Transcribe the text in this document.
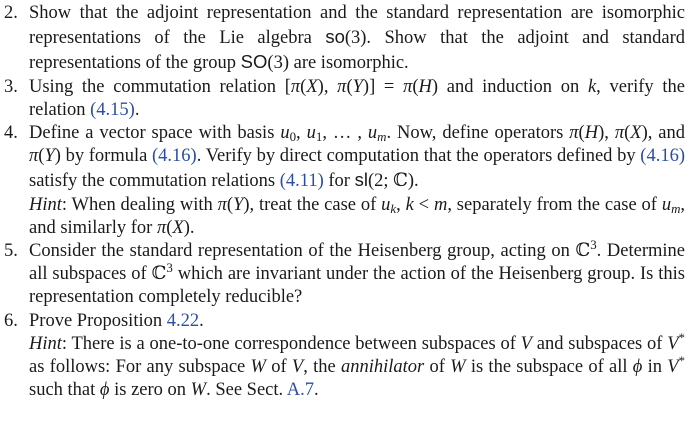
2. Show that the adjoint representation and the standard representation are isomorphic representations of the Lie algebra so(3). Show that the adjoint and standard representations of the group SO(3) are isomorphic.
3. Using the commutation relation [π(X), π(Y)] = π(H) and induction on k, verify the relation (4.15).
4. Define a vector space with basis $u_0$, $u_1$, … , $u_m$. Now, define operators π(H), π(X), and π(Y) by formula (4.16). Verify by direct computation that the operators defined by (4.16) satisfy the commutation relations (4.11) for sl(2; ℂ).
Hint: When dealing with π(Y), treat the case of $u_k$, k < m, separately from the case of $u_m$, and similarly for π(X).
5. Consider the standard representation of the Heisenberg group, acting on ℂ$^3$. Determine all subspaces of ℂ$^3$ which are invariant under the action of the Heisenberg group. Is this representation completely reducible?
6. Prove Proposition 4.22.
Hint: There is a one-to-one correspondence between subspaces of V and subspaces of V* as follows: For any subspace W of V, the annihilator of W is the subspace of all ϕ in V* such that ϕ is zero on W. See Sect. A.7.
